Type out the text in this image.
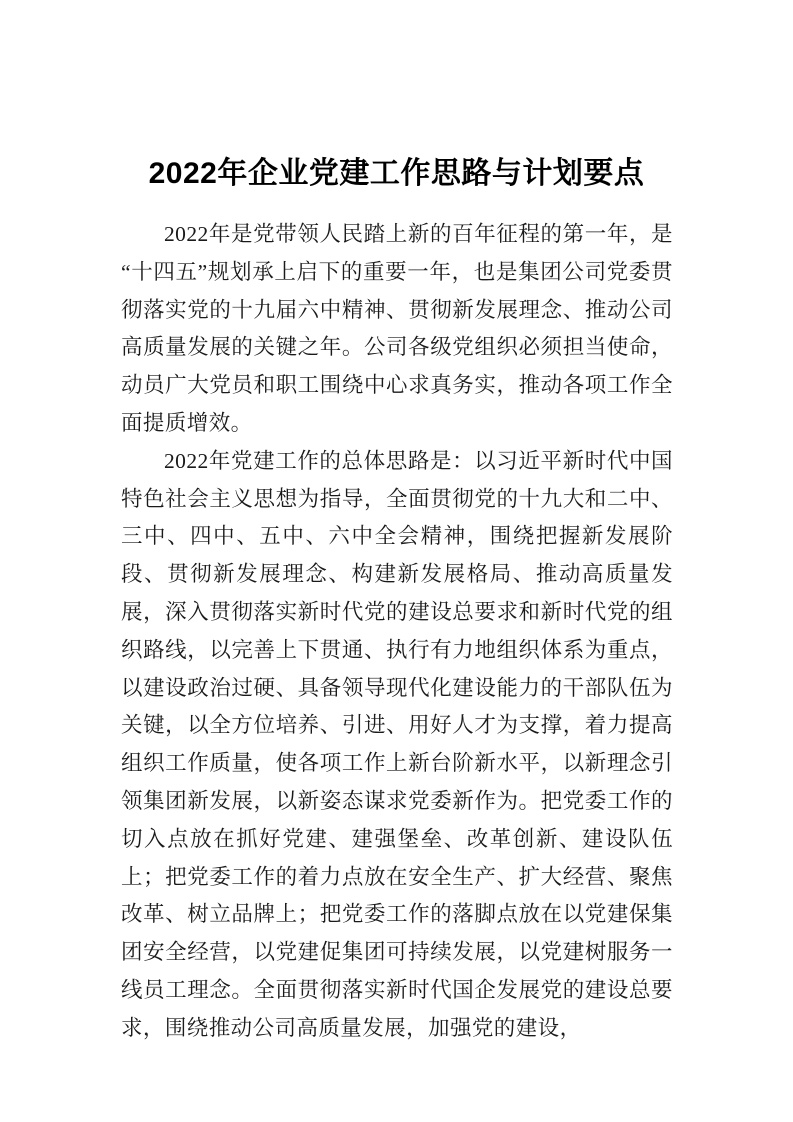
2022年企业党建工作思路与计划要点

2022年是党带领人民踏上新的百年征程的第一年，是“十四五”规划承上启下的重要一年，也是集团公司党委贯彻落实党的十九届六中精神、贯彻新发展理念、推动公司高质量发展的关键之年。公司各级党组织必须担当使命，动员广大党员和职工围绕中心求真务实，推动各项工作全面提质增效。

2022年党建工作的总体思路是：以习近平新时代中国特色社会主义思想为指导，全面贯彻党的十九大和二中、三中、四中、五中、六中全会精神，围绕把握新发展阶段、贯彻新发展理念、构建新发展格局、推动高质量发展，深入贯彻落实新时代党的建设总要求和新时代党的组织路线，以完善上下贯通、执行有力地组织体系为重点，以建设政治过硬、具备领导现代化建设能力的干部队伍为关键，以全方位培养、引进、用好人才为支撑，着力提高组织工作质量，使各项工作上新台阶新水平，以新理念引领集团新发展，以新姿态谋求党委新作为。把党委工作的切入点放在抓好党建、建强堡垒、改革创新、建设队伍上；把党委工作的着力点放在安全生产、扩大经营、聚焦改革、树立品牌上；把党委工作的落脚点放在以党建保集团安全经营，以党建促集团可持续发展，以党建树服务一线员工理念。全面贯彻落实新时代国企发展党的建设总要求，围绕推动公司高质量发展，加强党的建设，
